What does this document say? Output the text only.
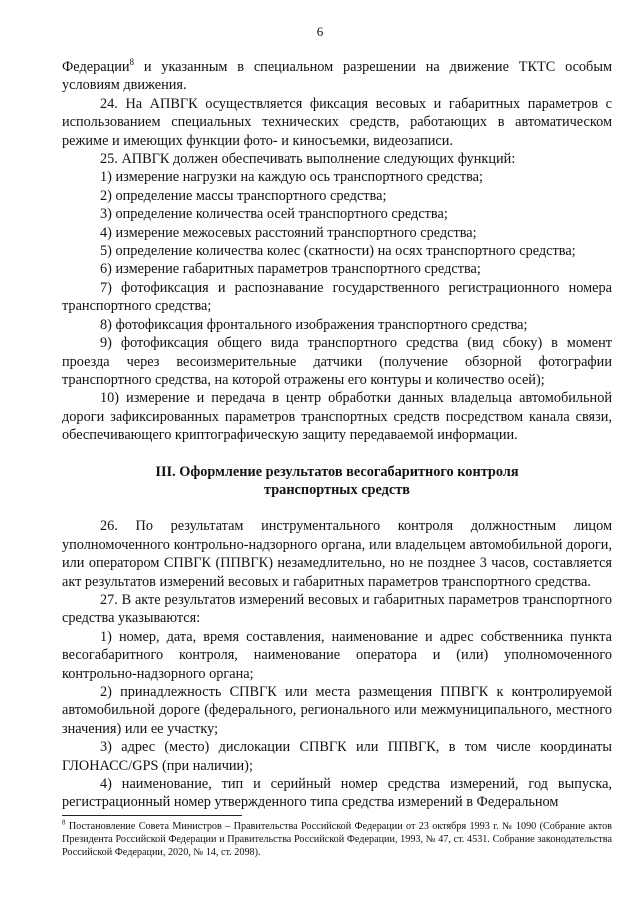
6

Федерации$^8$ и указанным в специальном разрешении на движение ТКТС особым условиям движения.

24. На АПВГК осуществляется фиксация весовых и габаритных параметров с использованием специальных технических средств, работающих в автоматическом режиме и имеющих функции фото- и киносъемки, видеозаписи.

25. АПВГК должен обеспечивать выполнение следующих функций:

1) измерение нагрузки на каждую ось транспортного средства;

2) определение массы транспортного средства;

3) определение количества осей транспортного средства;

4) измерение межосевых расстояний транспортного средства;

5) определение количества колес (скатности) на осях транспортного средства;

6) измерение габаритных параметров транспортного средства;

7) фотофиксация и распознавание государственного регистрационного номера транспортного средства;

8) фотофиксация фронтального изображения транспортного средства;

9) фотофиксация общего вида транспортного средства (вид сбоку) в момент проезда через весоизмерительные датчики (получение обзорной фотографии транспортного средства, на которой отражены его контуры и количество осей);

10) измерение и передача в центр обработки данных владельца автомобильной дороги зафиксированных параметров транспортных средств посредством канала связи, обеспечивающего криптографическую защиту передаваемой информации.

III. Оформление результатов весогабаритного контроля
транспортных средств

26. По результатам инструментального контроля должностным лицом уполномоченного контрольно-надзорного органа, или владельцем автомобильной дороги, или оператором СПВГК (ППВГК) незамедлительно, но не позднее 3 часов, составляется акт результатов измерений весовых и габаритных параметров транспортного средства.

27. В акте результатов измерений весовых и габаритных параметров транспортного средства указываются:

1) номер, дата, время составления, наименование и адрес собственника пункта весогабаритного контроля, наименование оператора и (или) уполномоченного контрольно-надзорного органа;

2) принадлежность СПВГК или места размещения ППВГК к контролируемой автомобильной дороге (федерального, регионального или межмуниципального, местного значения) или ее участку;

3) адрес (место) дислокации СПВГК или ППВГК, в том числе координаты ГЛОНАСС/GPS (при наличии);

4) наименование, тип и серийный номер средства измерений, год выпуска, регистрационный номер утвержденного типа средства измерений в Федеральном

$^8$ Постановление Совета Министров – Правительства Российской Федерации от 23 октября 1993 г. № 1090 (Собрание актов Президента Российской Федерации и Правительства Российской Федерации, 1993, № 47, ст. 4531. Собрание законодательства Российской Федерации, 2020, № 14, ст. 2098).
